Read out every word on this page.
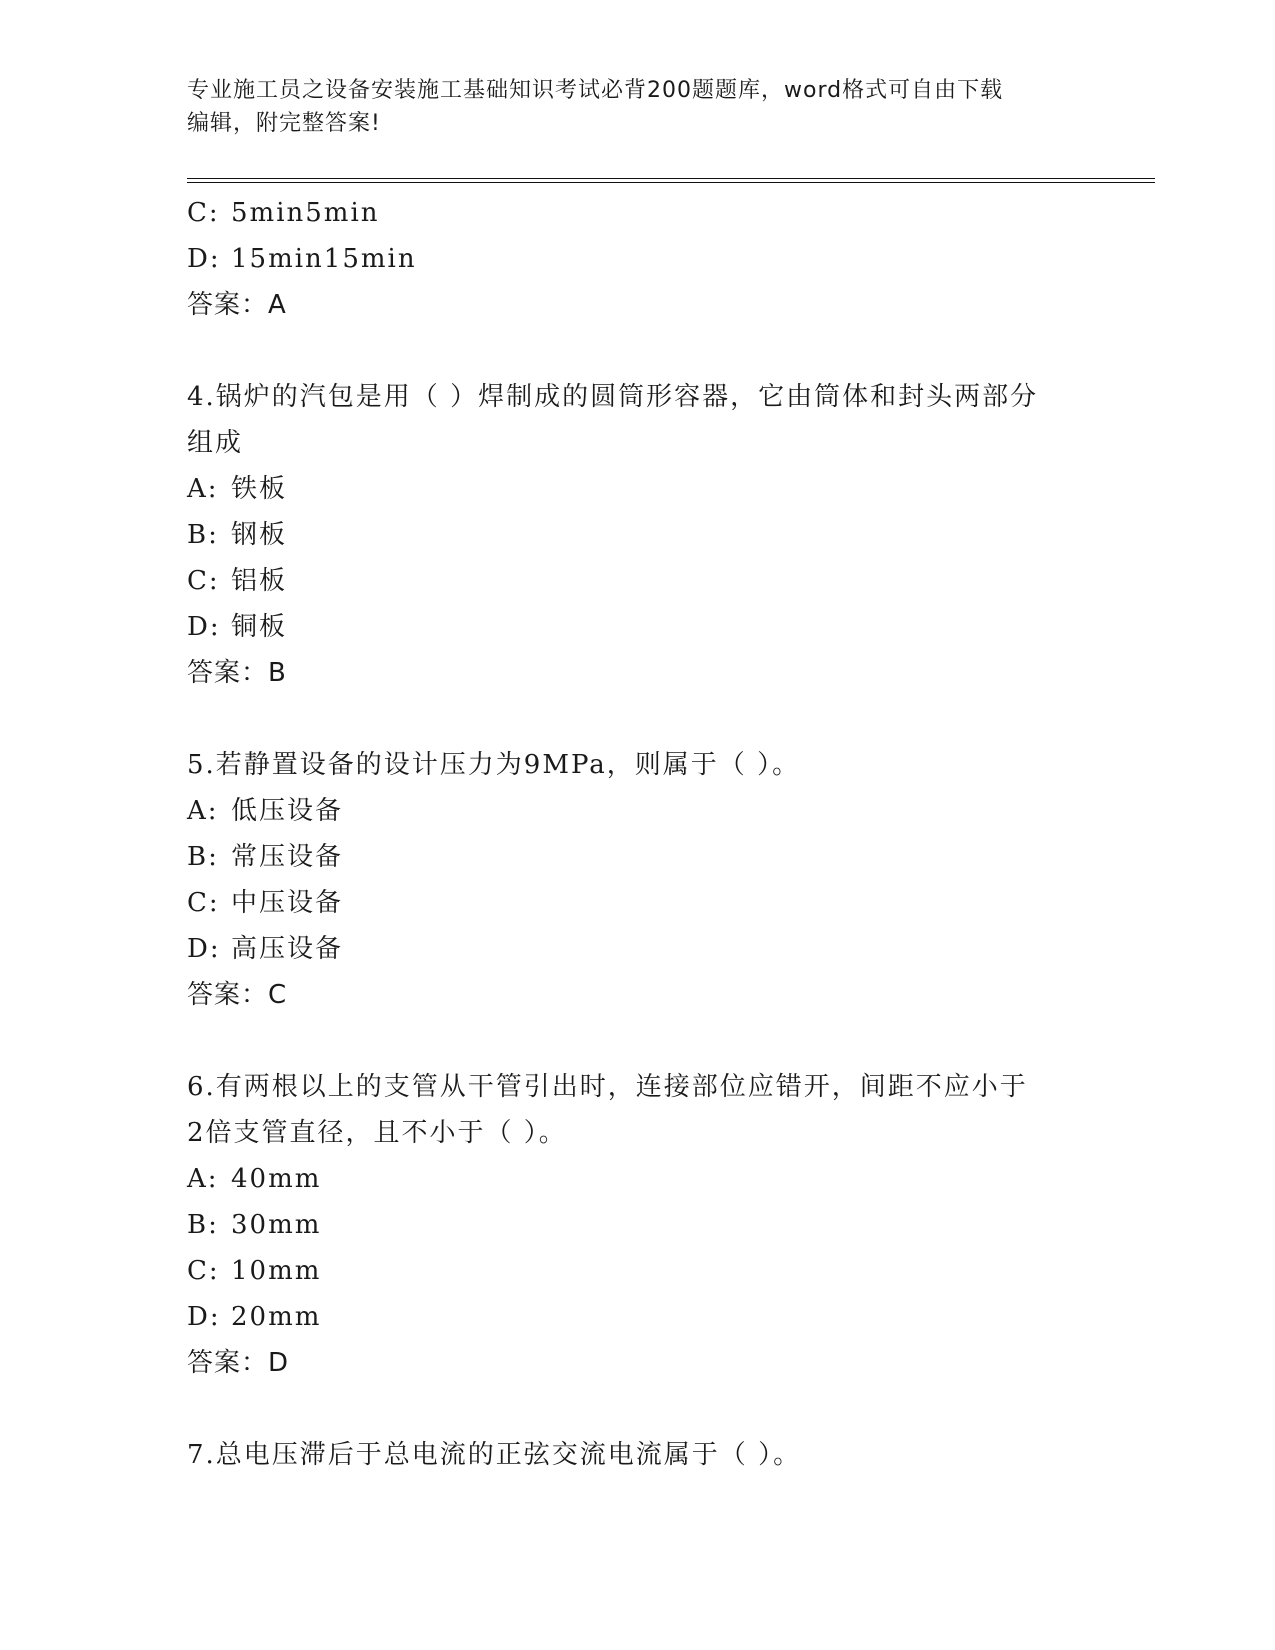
专业施工员之设备安装施工基础知识考试必背200题题库，word格式可自由下载
编辑，附完整答案!
C: 5min5min
D: 15min15min
答案：A
4.锅炉的汽包是用（ ）焊制成的圆筒形容器，它由筒体和封头两部分
组成
A: 铁板
B: 钢板
C: 铝板
D: 铜板
答案：B
5.若静置设备的设计压力为9MPa，则属于（ ）。
A: 低压设备
B: 常压设备
C: 中压设备
D: 高压设备
答案：C
6.有两根以上的支管从干管引出时，连接部位应错开，间距不应小于
2倍支管直径，且不小于（ ）。
A: 40mm
B: 30mm
C: 10mm
D: 20mm
答案：D
7.总电压滞后于总电流的正弦交流电流属于（ ）。
